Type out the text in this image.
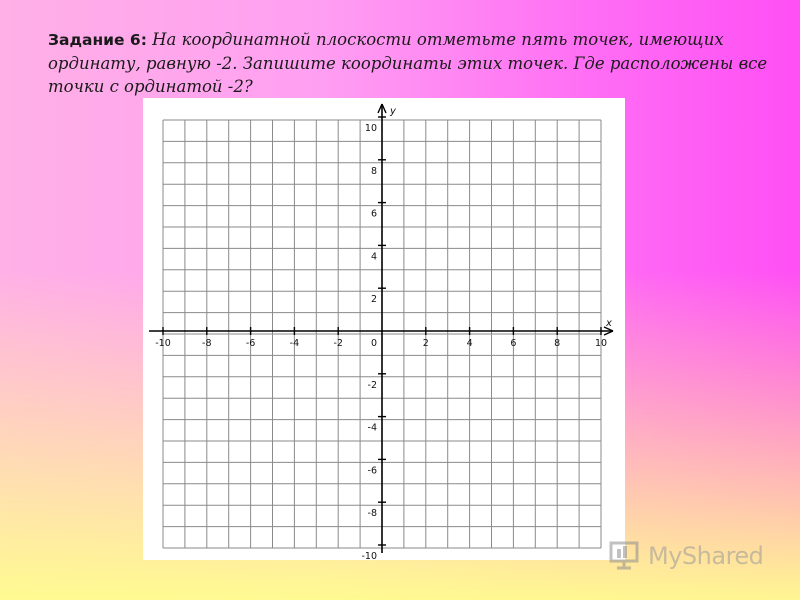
Задание 6: На координатной плоскости отметьте пять точек, имеющих ординату, равную -2. Запишите координаты этих точек. Где расположены все точки с ординатой -2?
x
y
-10	-8	-6	-4	-2	0	2	4	6	8	10
10
8
6
4
2
-2
-4
-6
-8
-10	MyShared
